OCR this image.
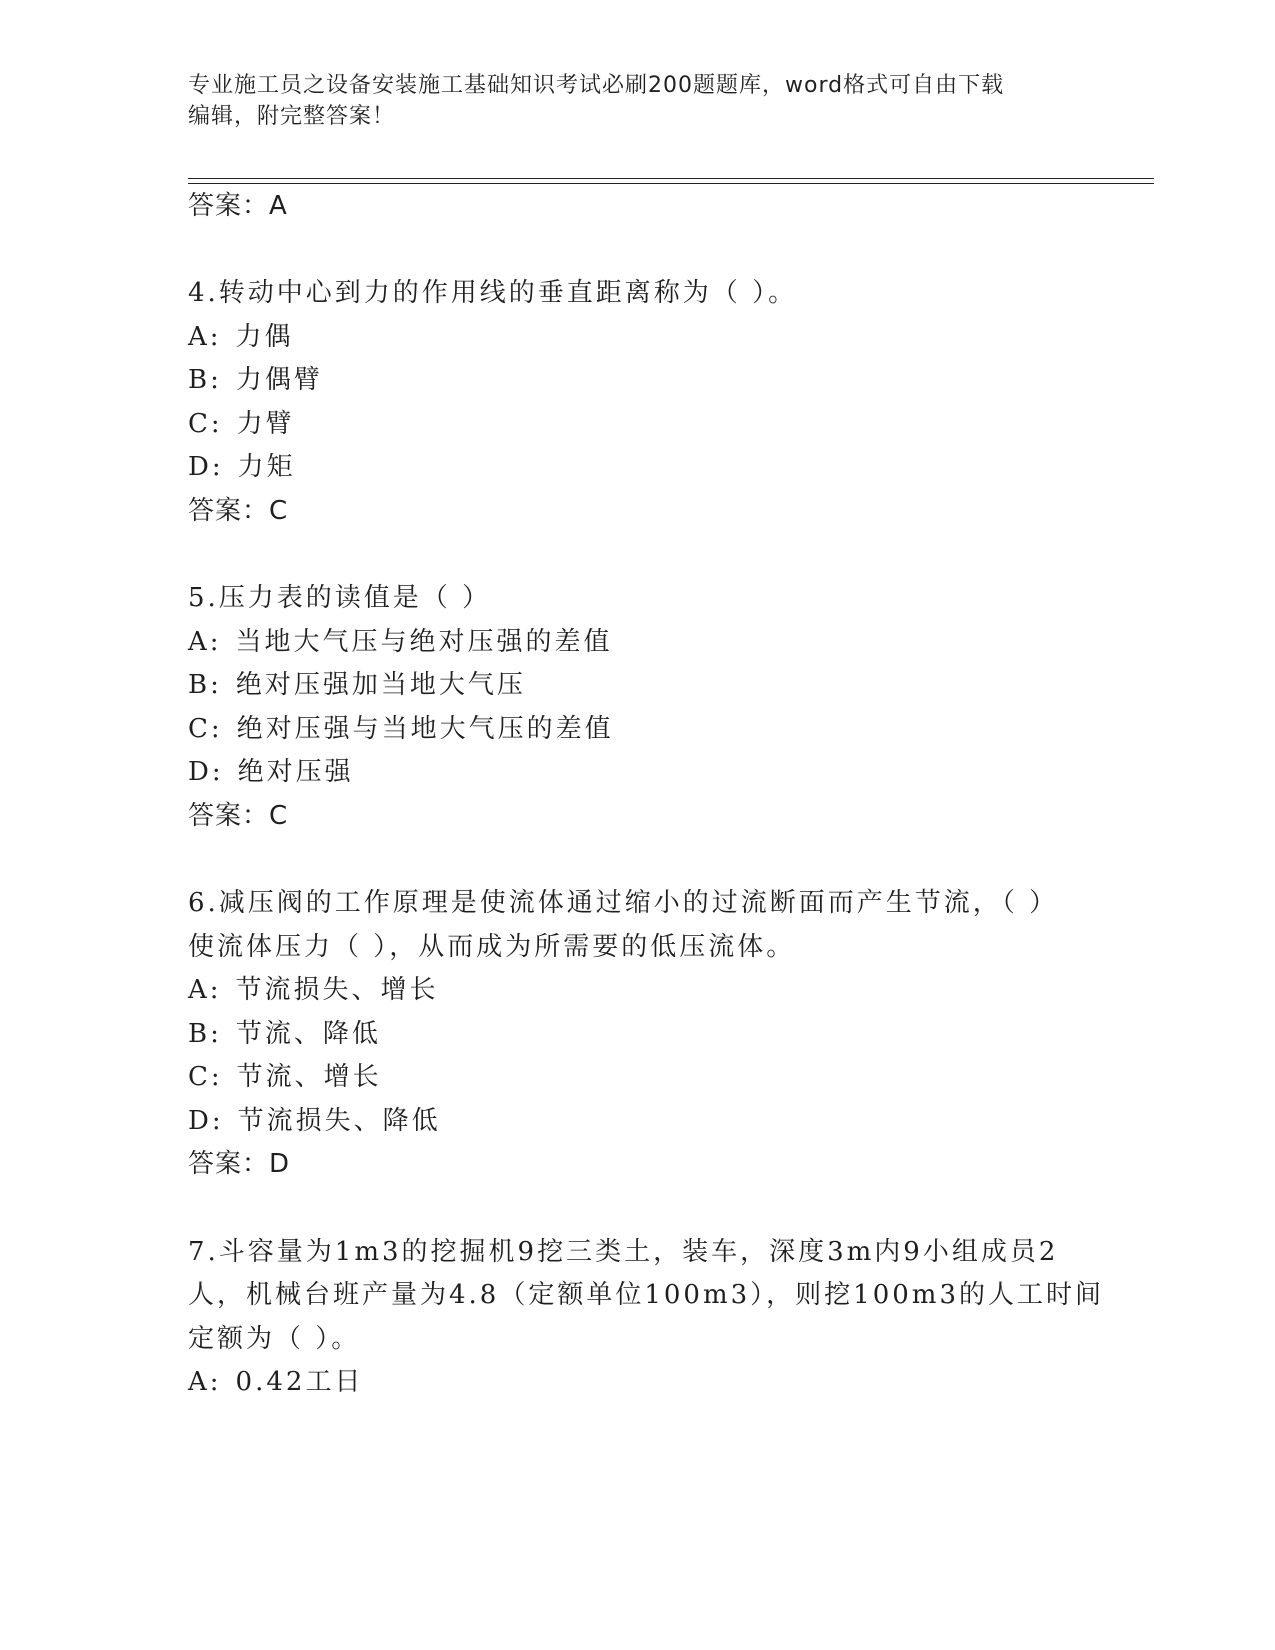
专业施工员之设备安装施工基础知识考试必刷200题题库，word格式可自由下载
编辑，附完整答案！
答案：A
4.转动中心到力的作用线的垂直距离称为（ ）。
A: 力偶
B: 力偶臂
C: 力臂
D: 力矩
答案：C
5.压力表的读值是（ ）
A: 当地大气压与绝对压强的差值
B: 绝对压强加当地大气压
C: 绝对压强与当地大气压的差值
D: 绝对压强
答案：C
6.减压阀的工作原理是使流体通过缩小的过流断面而产生节流，（ ）
使流体压力（ ），从而成为所需要的低压流体。
A: 节流损失、增长
B: 节流、降低
C: 节流、增长
D: 节流损失、降低
答案：D
7.斗容量为1m3的挖掘机9挖三类土，装车，深度3m内9小组成员2
人，机械台班产量为4.8（定额单位100m3），则挖100m3的人工时间
定额为（ ）。
A: 0.42工日
